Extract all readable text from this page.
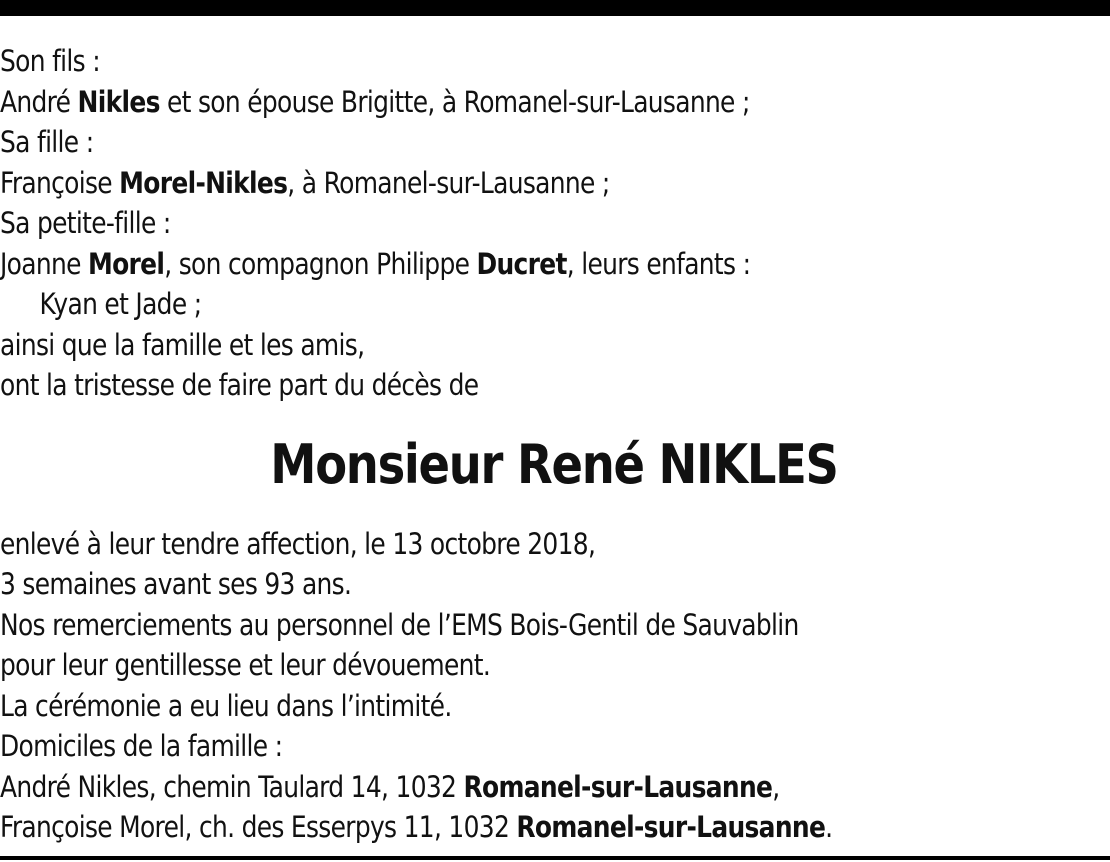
Son fils :
André Nikles et son épouse Brigitte, à Romanel-sur-Lausanne ;
Sa fille :
Françoise Morel-Nikles, à Romanel-sur-Lausanne ;
Sa petite-fille :
Joanne Morel, son compagnon Philippe Ducret, leurs enfants :
Kyan et Jade ;
ainsi que la famille et les amis,
ont la tristesse de faire part du décès de
Monsieur René NIKLES
enlevé à leur tendre affection, le 13 octobre 2018,
3 semaines avant ses 93 ans.
Nos remerciements au personnel de l’EMS Bois-Gentil de Sauvablin
pour leur gentillesse et leur dévouement.
La cérémonie a eu lieu dans l’intimité.
Domiciles de la famille :
André Nikles, chemin Taulard 14, 1032 Romanel-sur-Lausanne,
Françoise Morel, ch. des Esserpys 11, 1032 Romanel-sur-Lausanne.
